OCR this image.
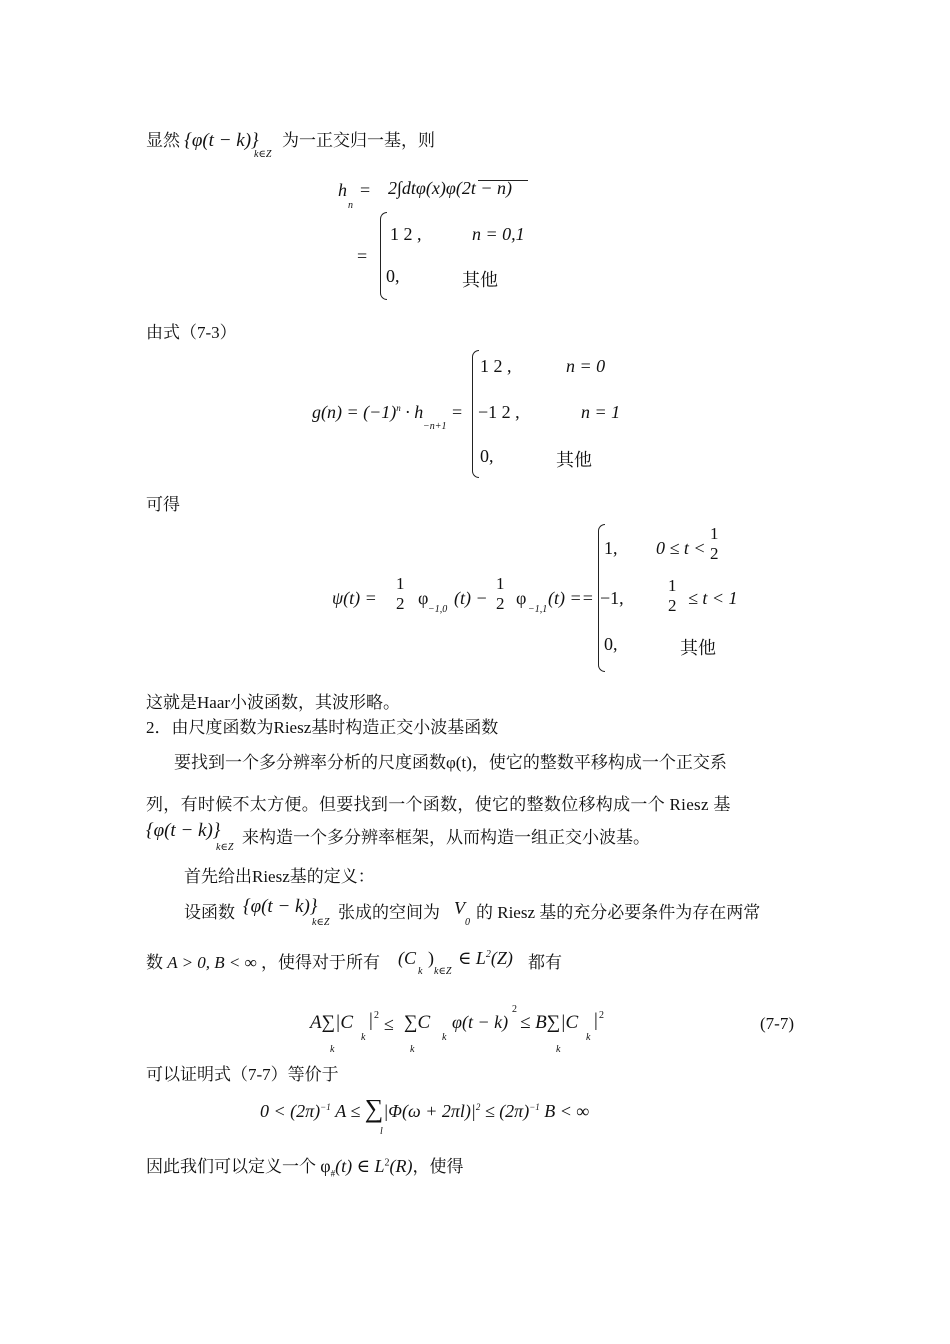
显然 {φ(t − k)}
k∈Z
为一正交归一基，则
h
n
= 2∫dtφ(x)φ(2t − n)
=
1 2 ,	n = 0,1
0,	其他
由式（7-3）
$g(n) = (-1)^n \cdot h$
−n+1
=
1 2 ,	n = 0
−1 2 ,	n = 1
0,	其他
可得
ψ(t) =
1
2 φ
−1,0
(t) −
1
2 φ
−1,1
(t) ==
1, 0 ≤ t <
1
2
−1,
1
2 ≤ t < 1
0,	其他
这就是Haar小波函数，其波形略。
2．由尺度函数为Riesz基时构造正交小波基函数
要找到一个多分辨率分析的尺度函数φ(t)，使它的整数平移构成一个正交系
列，有时候不太方便。但要找到一个函数，使它的整数位移构成一个 Riesz 基
{φ(t − k)}
k∈Z
来构造一个多分辨率框架，从而构造一组正交小波基。
首先给出Riesz基的定义：
设函数 {φ(t − k)}
k∈Z
张成的空间为 V
0
的 Riesz 基的充分必要条件为存在两常
数 A > 0, B < ∞ ，使得对于所有 (C
k
)
k∈Z
∈ $L^2(Z)$ 都有
A∑|C
k
| 2 ≤ ∑C
k
φ(t − k)
2
≤ B∑|C
k
| 2
k	k	k
(7-7)
可以证明式（7-7）等价于
$0 < (2\pi)^{-1}$ $A \le \sum|\Phi(\omega + 2\pi l)|^2 \le (2\pi)^{-1}$ B < ∞
l
因此我们可以定义一个 $\varphi_{\#}(t)$ ∈ $L^2(R)$，使得
